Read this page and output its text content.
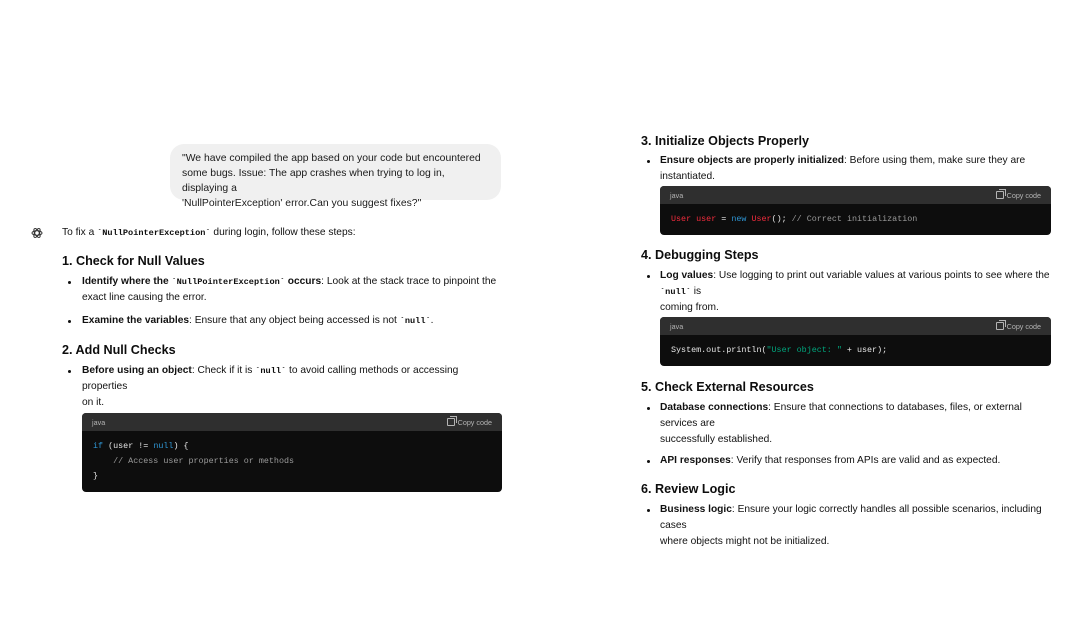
"We have compiled the app based on your code but encountered
some bugs. Issue: The app crashes when trying to log in, displaying a
'NullPointerException' error.Can you suggest fixes?"

To fix a `NullPointerException` during login, follow these steps:

1. Check for Null Values
Identify where the `NullPointerException` occurs: Look at the stack trace to pinpoint the
exact line causing the error.
Examine the variables: Ensure that any object being accessed is not `null`.
2. Add Null Checks
Before using an object: Check if it is `null` to avoid calling methods or accessing properties
on it.
java	Copy code
if (user != null) {
// Access user properties or methods
}
3. Initialize Objects Properly
Ensure objects are properly initialized: Before using them, make sure they are instantiated.
java	Copy code
User user = new User(); // Correct initialization
4. Debugging Steps
Log values: Use logging to print out variable values at various points to see where the `null` is
coming from.
java	Copy code
System.out.println("User object: " + user);
5. Check External Resources
Database connections: Ensure that connections to databases, files, or external services are
successfully established.
API responses: Verify that responses from APIs are valid and as expected.
6. Review Logic
Business logic: Ensure your logic correctly handles all possible scenarios, including cases
where objects might not be initialized.
